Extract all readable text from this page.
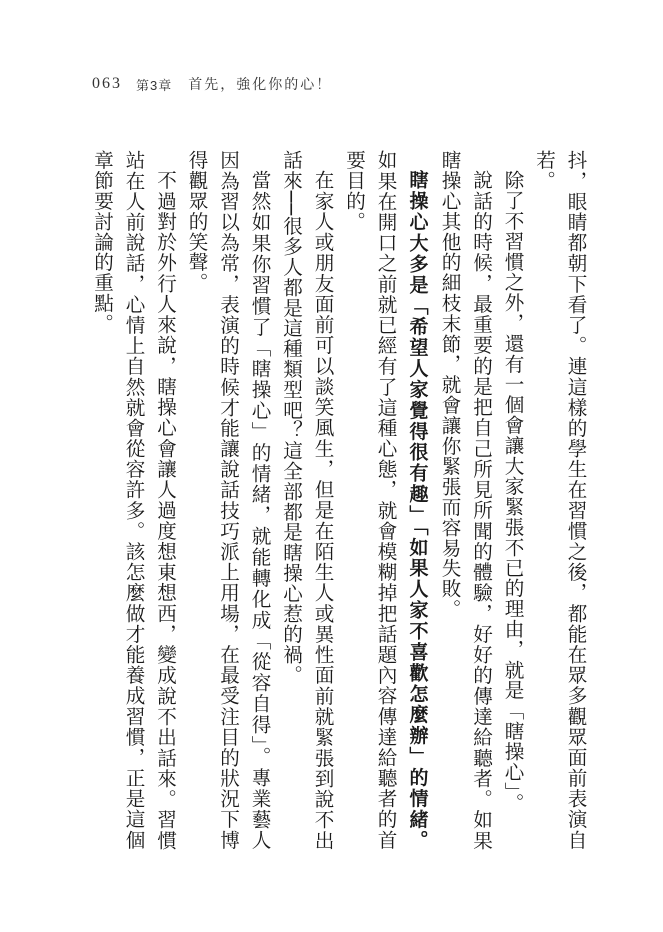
063 第3章 首先，強化你的心！

抖，眼睛都朝下看了。連這樣的學生在習慣之後，都能在眾多觀眾面前表演自若。

除了不習慣之外，還有一個會讓大家緊張不已的理由，就是「瞎操心」。

說話的時候，最重要的是把自己所見所聞的體驗，好好的傳達給聽者。如果瞎操心其他的細枝末節，就會讓你緊張而容易失敗。

瞎操心大多是「希望人家覺得很有趣」「如果人家不喜歡怎麼辦」的情緒。如果在開口之前就已經有了這種心態，就會模糊掉把話題內容傳達給聽者的首要目的。

在家人或朋友面前可以談笑風生，但是在陌生人或異性面前就緊張到說不出話來──很多人都是這種類型吧？這全部都是瞎操心惹的禍。

當然如果你習慣了「瞎操心」的情緒，就能轉化成「從容自得」。專業藝人因為習以為常，表演的時候才能讓說話技巧派上用場，在最受注目的狀況下博得觀眾的笑聲。

不過對於外行人來說，瞎操心會讓人過度想東想西，變成說不出話來。習慣站在人前說話，心情上自然就會從容許多。該怎麼做才能養成習慣，正是這個章節要討論的重點。
